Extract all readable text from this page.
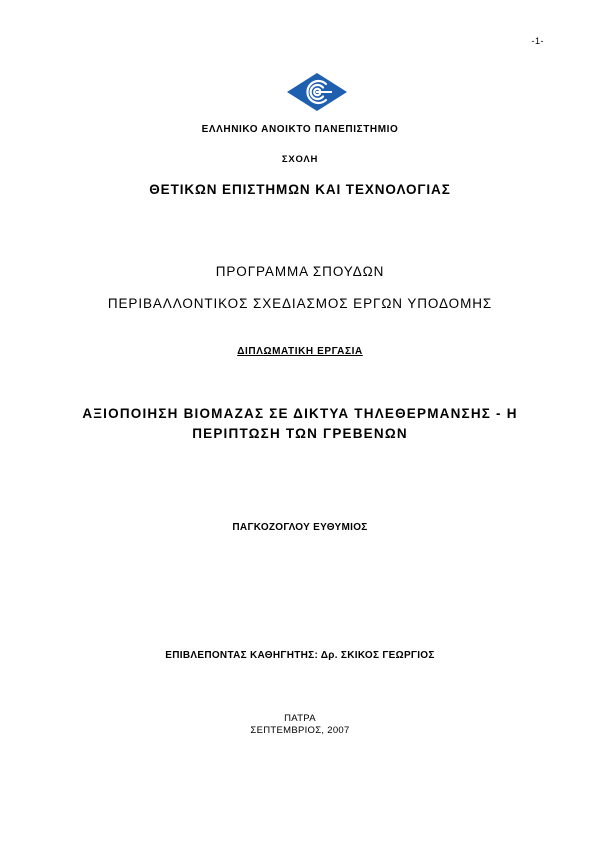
-1-
ΕΛΛΗΝΙΚΟ ΑΝΟΙΚΤΟ ΠΑΝΕΠΙΣΤΗΜΙΟ
ΣΧΟΛΗ
ΘΕΤΙΚΩΝ ΕΠΙΣΤΗΜΩΝ ΚΑΙ ΤΕΧΝΟΛΟΓΙΑΣ
ΠΡΟΓΡΑΜΜΑ ΣΠΟΥΔΩΝ
ΠΕΡΙΒΑΛΛΟΝΤΙΚΟΣ ΣΧΕΔΙΑΣΜΟΣ ΕΡΓΩΝ ΥΠΟΔΟΜΗΣ
ΔΙΠΛΩΜΑΤΙΚΗ ΕΡΓΑΣΙΑ
ΑΞΙΟΠΟΙΗΣΗ ΒΙΟΜΑΖΑΣ ΣΕ ΔΙΚΤΥΑ ΤΗΛΕΘΕΡΜΑΝΣΗΣ - Η
ΠΕΡΙΠΤΩΣΗ ΤΩΝ ΓΡΕΒΕΝΩΝ
ΠΑΓΚΟΖΟΓΛΟΥ ΕΥΘΥΜΙΟΣ
ΕΠΙΒΛΕΠΟΝΤΑΣ ΚΑΘΗΓΗΤΗΣ: Δρ. ΣΚΙΚΟΣ ΓΕΩΡΓΙΟΣ
ΠΑΤΡΑ
ΣΕΠΤΕΜΒΡΙΟΣ, 2007
